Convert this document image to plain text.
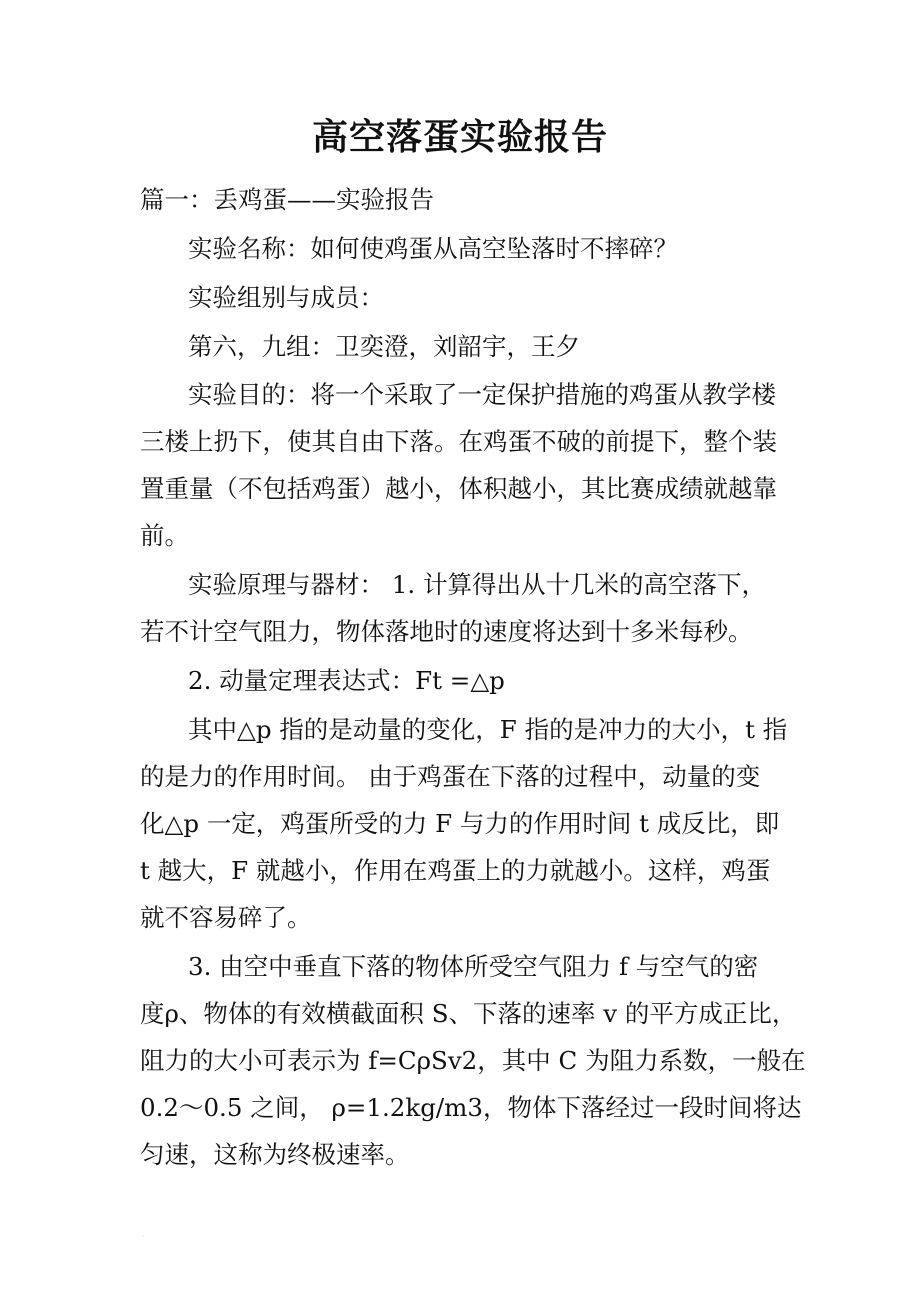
高空落蛋实验报告

篇一：丢鸡蛋——实验报告

实验名称：如何使鸡蛋从高空坠落时不摔碎？

实验组别与成员：

第六，九组：卫奕澄，刘韶宇，王夕

实验目的：将一个采取了一定保护措施的鸡蛋从教学楼

三楼上扔下，使其自由下落。在鸡蛋不破的前提下，整个装

置重量（不包括鸡蛋）越小，体积越小，其比赛成绩就越靠

前。

实验原理与器材： 1. 计算得出从十几米的高空落下，

若不计空气阻力，物体落地时的速度将达到十多米每秒。

2. 动量定理表达式：Ft =△p

其中△p 指的是动量的变化，F 指的是冲力的大小，t 指

的是力的作用时间。 由于鸡蛋在下落的过程中，动量的变

化△p 一定，鸡蛋所受的力 F 与力的作用时间 t 成反比，即

t 越大，F 就越小，作用在鸡蛋上的力就越小。这样，鸡蛋

就不容易碎了。

3. 由空中垂直下落的物体所受空气阻力 f 与空气的密

度ρ、物体的有效横截面积 S、下落的速率 v 的平方成正比，

阻力的大小可表示为 f=CρSv2，其中 C 为阻力系数，一般在

0.2～0.5 之间， ρ=1.2kg/m3，物体下落经过一段时间将达

匀速，这称为终极速率。

·
